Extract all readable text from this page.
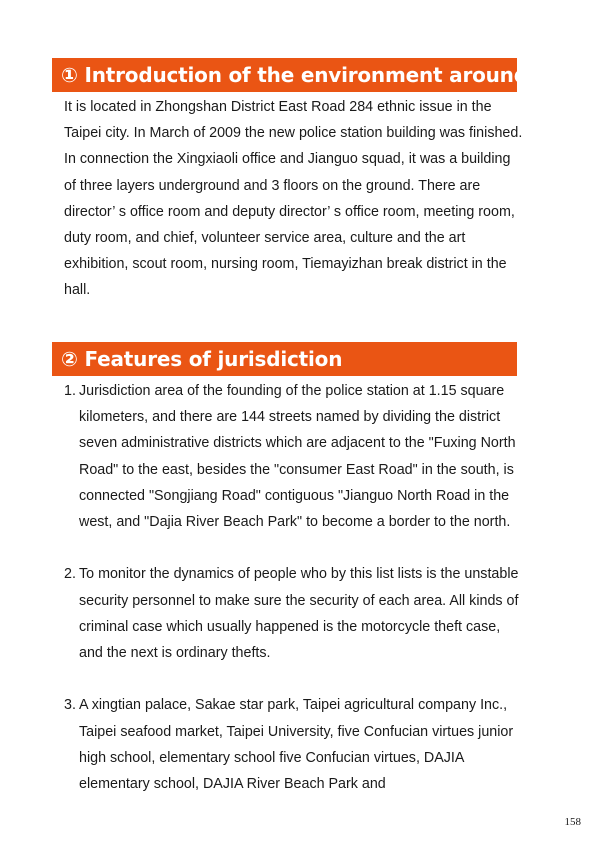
① Introduction of the environment around

It is located in Zhongshan District East Road 284 ethnic issue in the Taipei city. In March of 2009 the new police station building was finished. In connection the Xingxiaoli office and Jianguo squad, it was a building of three layers underground and 3 floors on the ground. There are director’ s office room and deputy director’ s office room, meeting room, duty room, and chief, volunteer service area, culture and the art exhibition, scout room, nursing room, Tiemayizhan break district in the hall.

② Features of jurisdiction
1. Jurisdiction area of the founding of the police station at 1.15 square kilometers, and there are 144 streets named by dividing the district seven administrative districts which are adjacent to the "Fuxing North Road" to the east, besides the "consumer East Road" in the south, is connected "Songjiang Road" contiguous "Jianguo North Road in the west, and "Dajia River Beach Park" to become a border to the north.
2. To monitor the dynamics of people who by this list lists is the unstable security personnel to make sure the security of each area. All kinds of criminal case which usually happened is the motorcycle theft case, and the next is ordinary thefts.
3. A xingtian palace, Sakae star park, Taipei agricultural company Inc., Taipei seafood market, Taipei University, five Confucian virtues junior high school, elementary school five Confucian virtues, DAJIA elementary school, DAJIA River Beach Park and
158
